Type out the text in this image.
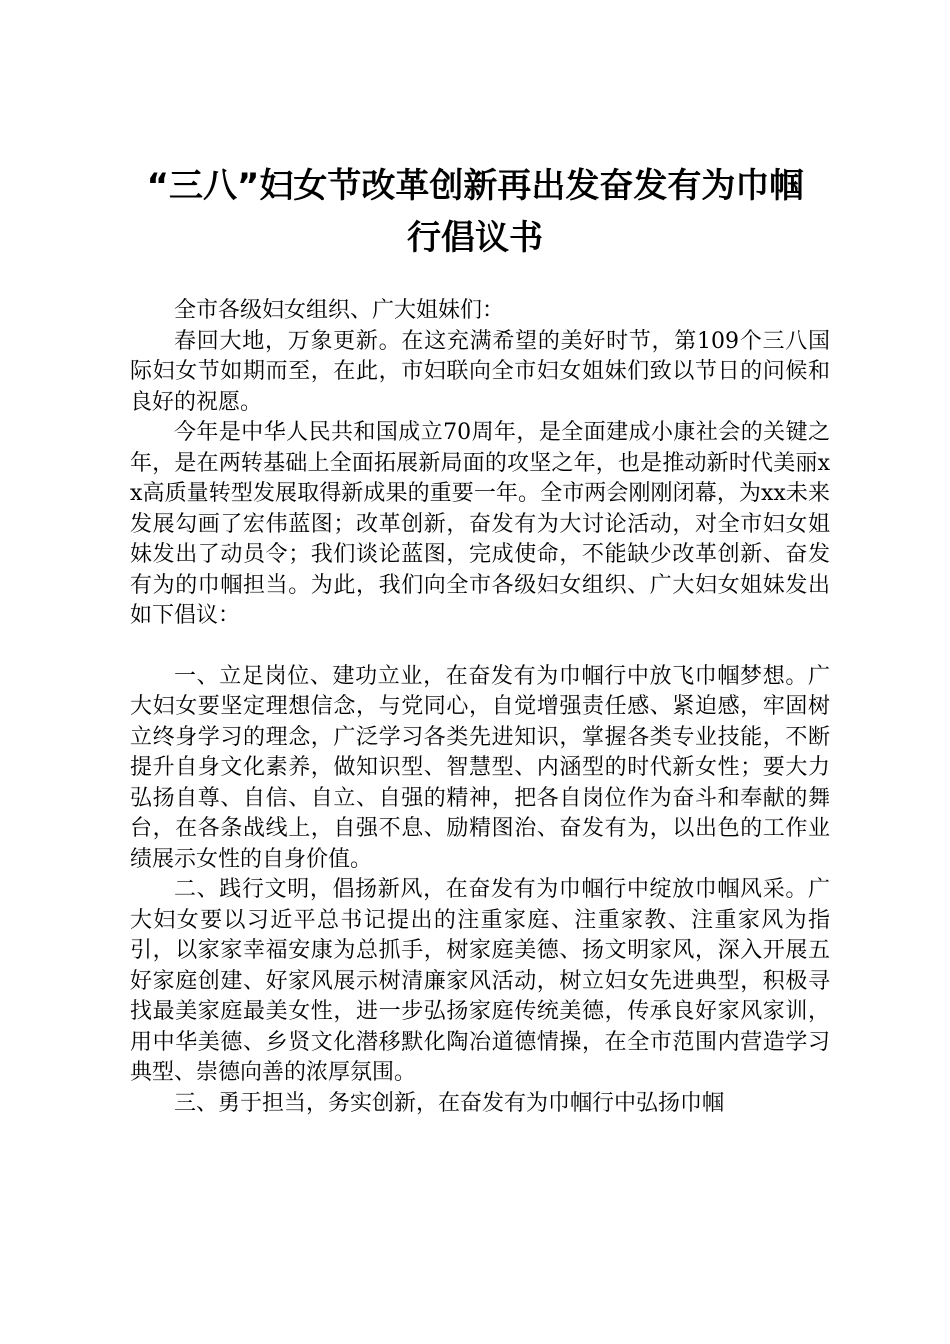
“三八”妇女节改革创新再出发奋发有为巾帼
行倡议书

全市各级妇女组织、广大姐妹们：

春回大地，万象更新。在这充满希望的美好时节，第109个三八国际妇女节如期而至，在此，市妇联向全市妇女姐妹们致以节日的问候和良好的祝愿。

今年是中华人民共和国成立70周年，是全面建成小康社会的关键之年，是在两转基础上全面拓展新局面的攻坚之年，也是推动新时代美丽xx高质量转型发展取得新成果的重要一年。全市两会刚刚闭幕，为xx未来发展勾画了宏伟蓝图；改革创新，奋发有为大讨论活动，对全市妇女姐妹发出了动员令；我们谈论蓝图，完成使命，不能缺少改革创新、奋发有为的巾帼担当。为此，我们向全市各级妇女组织、广大妇女姐妹发出如下倡议：

一、立足岗位、建功立业，在奋发有为巾帼行中放飞巾帼梦想。广大妇女要坚定理想信念，与党同心，自觉增强责任感、紧迫感，牢固树立终身学习的理念，广泛学习各类先进知识，掌握各类专业技能，不断提升自身文化素养，做知识型、智慧型、内涵型的时代新女性；要大力弘扬自尊、自信、自立、自强的精神，把各自岗位作为奋斗和奉献的舞台，在各条战线上，自强不息、励精图治、奋发有为，以出色的工作业绩展示女性的自身价值。

二、践行文明，倡扬新风，在奋发有为巾帼行中绽放巾帼风采。广大妇女要以习近平总书记提出的注重家庭、注重家教、注重家风为指引，以家家幸福安康为总抓手，树家庭美德、扬文明家风，深入开展五好家庭创建、好家风展示树清廉家风活动，树立妇女先进典型，积极寻找最美家庭最美女性，进一步弘扬家庭传统美德，传承良好家风家训，用中华美德、乡贤文化潜移默化陶冶道德情操，在全市范围内营造学习典型、崇德向善的浓厚氛围。

三、勇于担当，务实创新，在奋发有为巾帼行中弘扬巾帼
